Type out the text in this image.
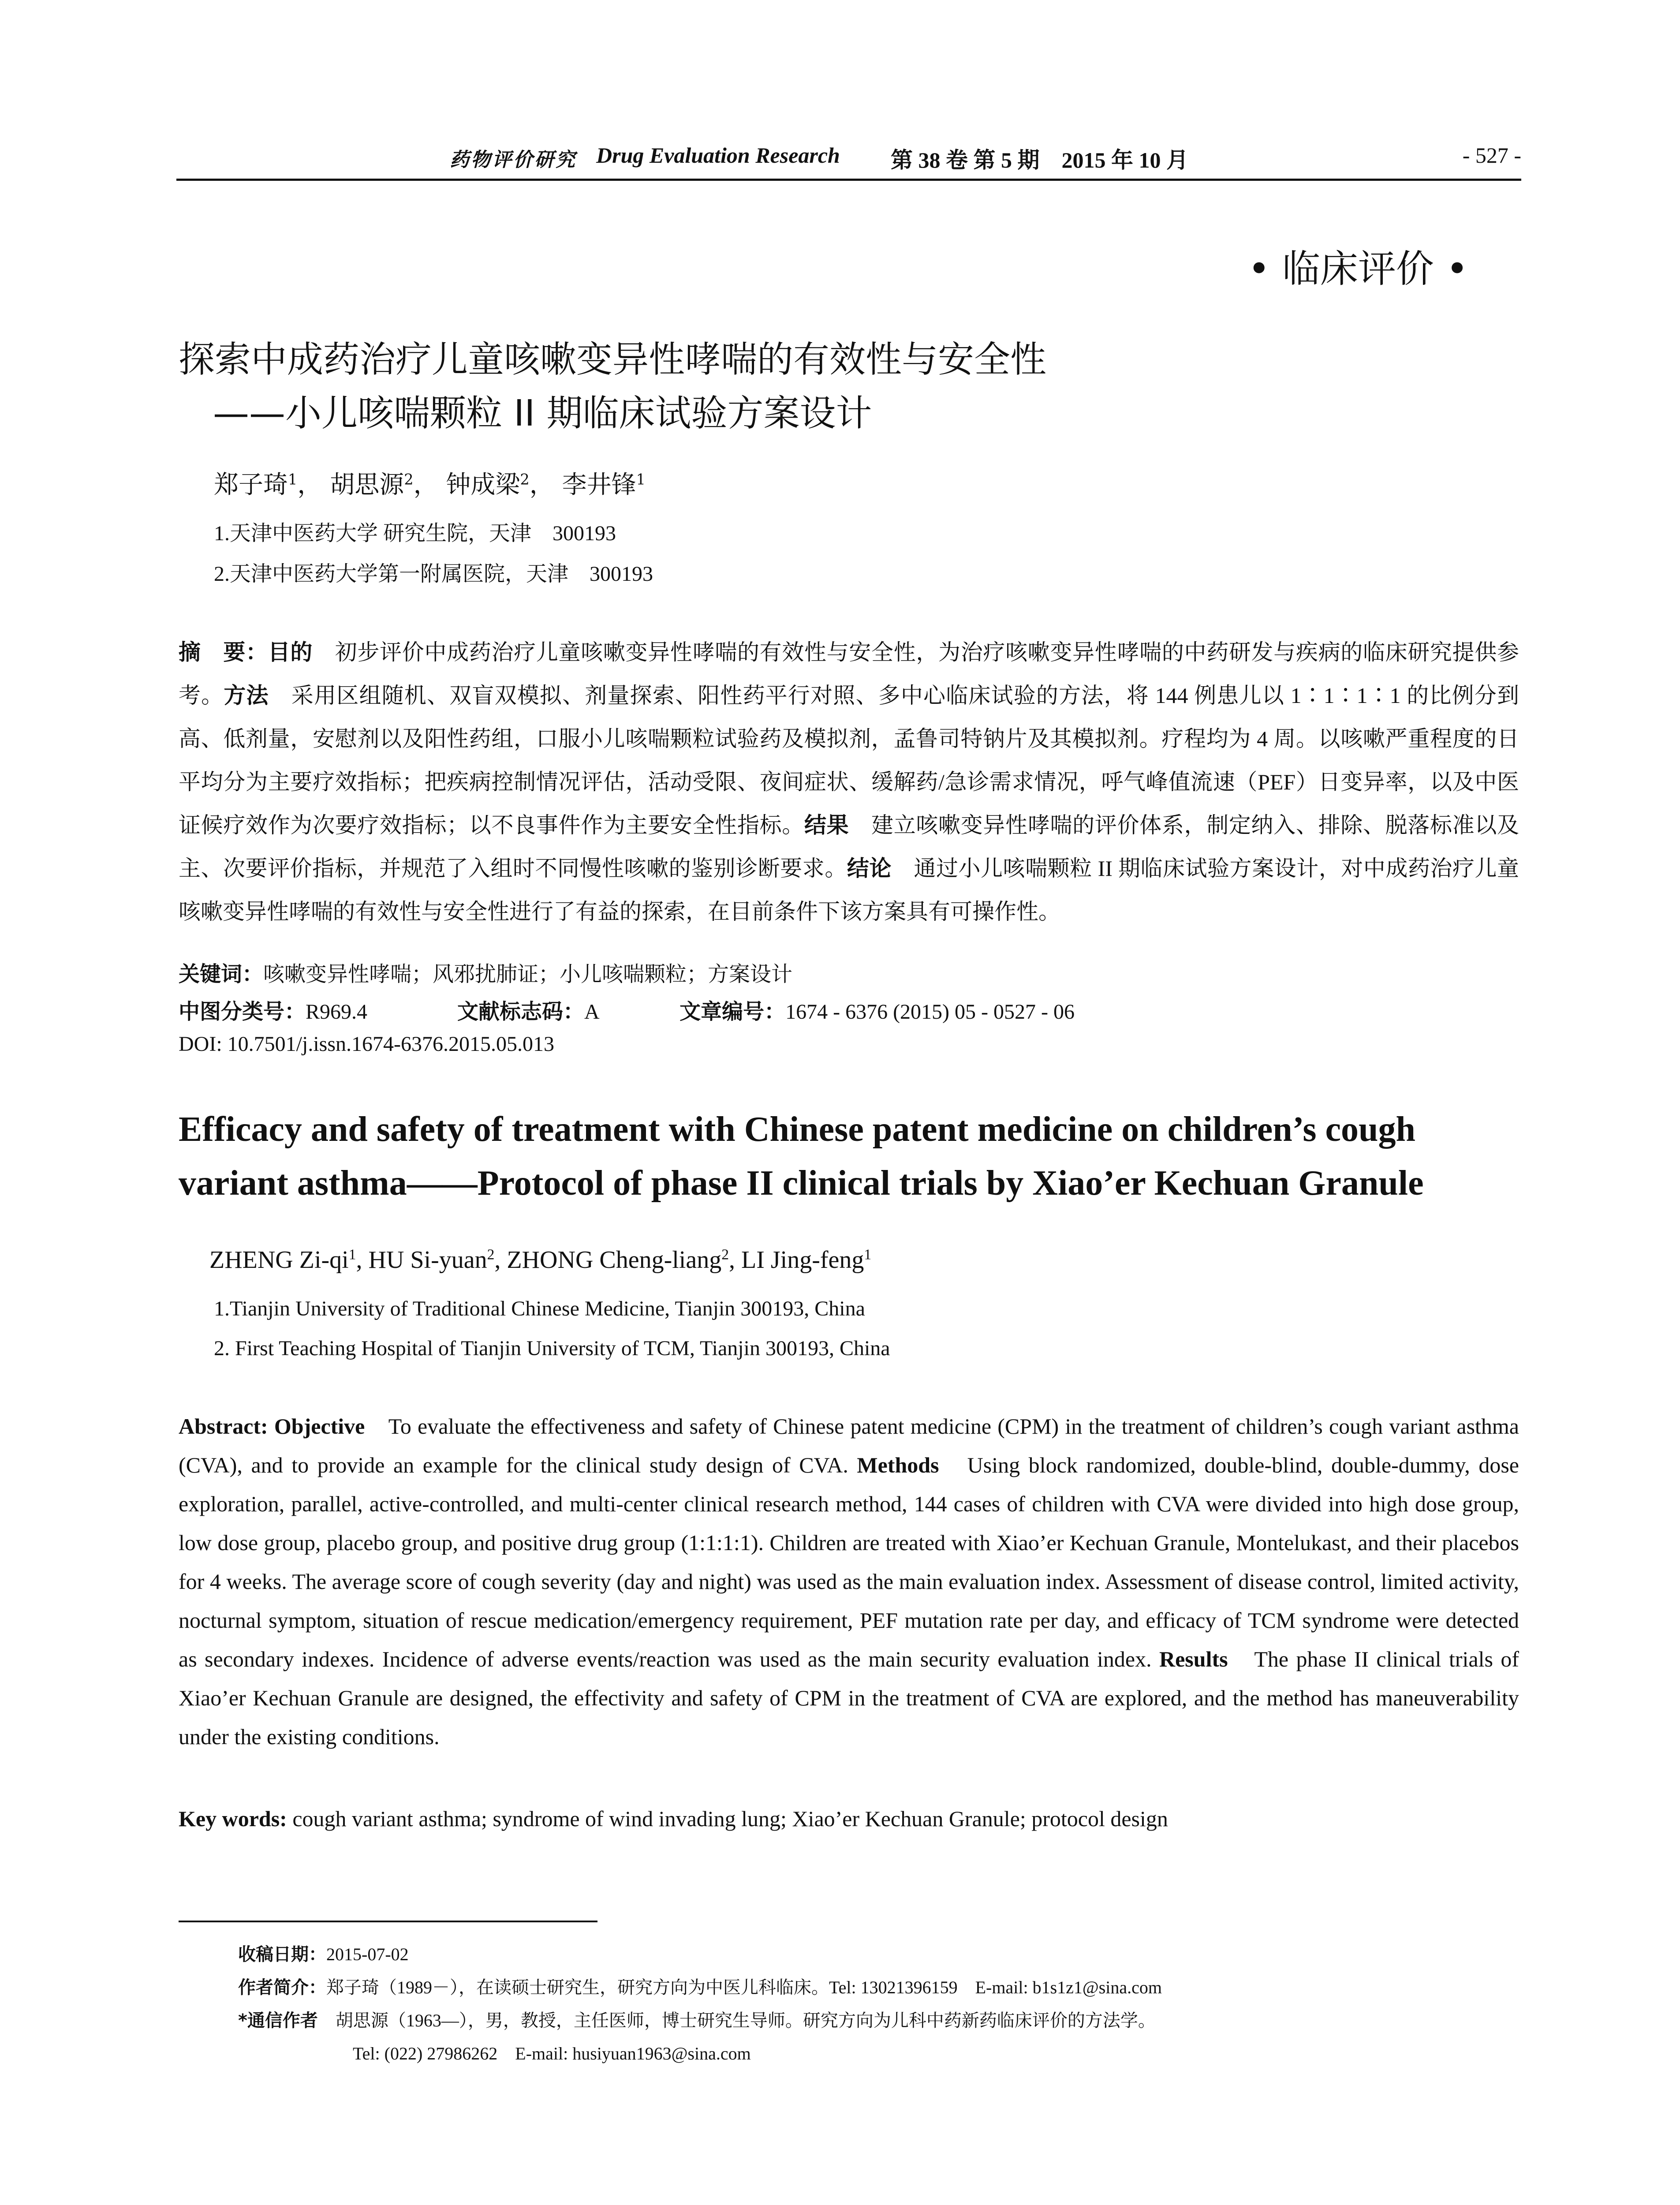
药物评价研究 Drug Evaluation Research 第 38 卷 第 5 期　2015 年 10 月	- 527 -
• 临床评价 •
探索中成药治疗儿童咳嗽变异性哮喘的有效性与安全性
——小儿咳喘颗粒 II 期临床试验方案设计
郑子琦$^1$， 胡思源$^2$， 钟成梁$^2$， 李井锋$^1$
1.天津中医药大学 研究生院，天津　300193
2.天津中医药大学第一附属医院，天津　300193
摘　要：目的　初步评价中成药治疗儿童咳嗽变异性哮喘的有效性与安全性，为治疗咳嗽变异性哮喘的中药研发与疾病的临床研究提供参考。方法　采用区组随机、双盲双模拟、剂量探索、阳性药平行对照、多中心临床试验的方法，将 144 例患儿以 1∶1∶1∶1 的比例分到高、低剂量，安慰剂以及阳性药组，口服小儿咳喘颗粒试验药及模拟剂，孟鲁司特钠片及其模拟剂。疗程均为 4 周。以咳嗽严重程度的日平均分为主要疗效指标；把疾病控制情况评估，活动受限、夜间症状、缓解药/急诊需求情况，呼气峰值流速（PEF）日变异率，以及中医证候疗效作为次要疗效指标；以不良事件作为主要安全性指标。结果　建立咳嗽变异性哮喘的评价体系，制定纳入、排除、脱落标准以及主、次要评价指标，并规范了入组时不同慢性咳嗽的鉴别诊断要求。结论　通过小儿咳喘颗粒 II 期临床试验方案设计，对中成药治疗儿童咳嗽变异性哮喘的有效性与安全性进行了有益的探索，在目前条件下该方案具有可操作性。
关键词：咳嗽变异性哮喘；风邪扰肺证；小儿咳喘颗粒；方案设计
中图分类号：R969.4	文献标志码：A	文章编号：1674 - 6376 (2015) 05 - 0527 - 06
DOI: 10.7501/j.issn.1674-6376.2015.05.013
Efficacy and safety of treatment with Chinese patent medicine on children’s cough
variant asthma——Protocol of phase II clinical trials by Xiao’er Kechuan Granule
ZHENG $Zi-qi^1$, HU Si-yuan$^2$, ZHONG Cheng-liang$^2$, LI Jing-feng$^1$
1.Tianjin University of Traditional Chinese Medicine, Tianjin 300193, China
2. First Teaching Hospital of Tianjin University of TCM, Tianjin 300193, China
Abstract: Objective　To evaluate the effectiveness and safety of Chinese patent medicine (CPM) in the treatment of children’s cough variant asthma (CVA), and to provide an example for the clinical study design of CVA. Methods　Using block randomized, double-blind, double-dummy, dose exploration, parallel, active-controlled, and multi-center clinical research method, 144 cases of children with CVA were divided into high dose group, low dose group, placebo group, and positive drug group (1:1:1:1). Children are treated with Xiao’er Kechuan Granule, Montelukast, and their placebos for 4 weeks. The average score of cough severity (day and night) was used as the main evaluation index. Assessment of disease control, limited activity, nocturnal symptom, situation of rescue medication/emergency requirement, PEF mutation rate per day, and efficacy of TCM syndrome were detected as secondary indexes. Incidence of adverse events/reaction was used as the main security evaluation index. Results　The phase II clinical trials of Xiao’er Kechuan Granule are designed, the effectivity and safety of CPM in the treatment of CVA are explored, and the method has maneuverability under the existing conditions.
Key words: cough variant asthma; syndrome of wind invading lung; Xiao’er Kechuan Granule; protocol design
收稿日期：2015-07-02
作者简介：郑子琦（1989－），在读硕士研究生，研究方向为中医儿科临床。Tel: 13021396159　E-mail: b1s1z1@sina.com
*通信作者　胡思源（1963—），男，教授，主任医师，博士研究生导师。研究方向为儿科中药新药临床评价的方法学。
Tel: (022) 27986262　E-mail: husiyuan1963@sina.com
